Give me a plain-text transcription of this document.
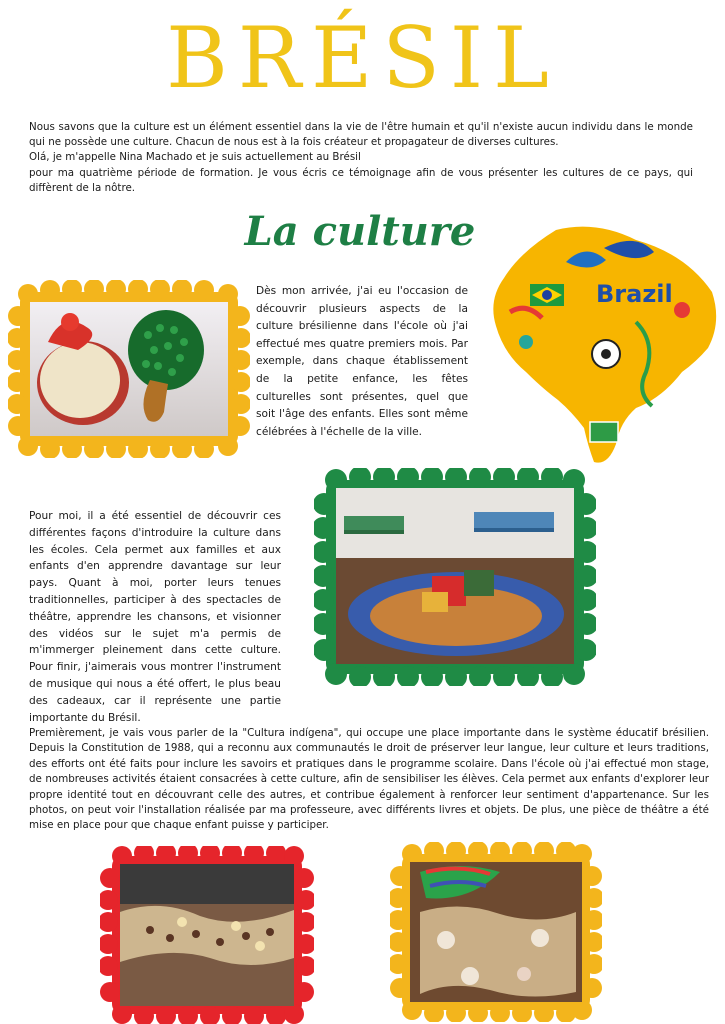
BRÉSIL

Nous savons que la culture est un élément essentiel dans la vie de l'être humain et qu'il n'existe aucun individu dans le monde qui ne possède une culture. Chacun de nous est à la fois créateur et propagateur de diverses cultures.

Olá, je m'appelle Nina Machado et je suis actuellement au Brésil

pour ma quatrième période de formation. Je vous écris ce témoignage afin de vous présenter les cultures de ce pays, qui diffèrent de la nôtre.

La culture
Brazil
Dès mon arrivée, j'ai eu l'occasion de découvrir plusieurs aspects de la culture brésilienne dans l'école où j'ai effectué mes quatre premiers mois. Par exemple, dans chaque établissement de la petite enfance, les fêtes culturelles sont présentes, quel que soit l'âge des enfants. Elles sont même célébrées à l'échelle de la ville.
Pour moi, il a été essentiel de découvrir ces différentes façons d'introduire la culture dans les écoles. Cela permet aux familles et aux enfants d'en apprendre davantage sur leur pays. Quant à moi, porter leurs tenues traditionnelles, participer à des spectacles de théâtre, apprendre les chansons, et visionner des vidéos sur le sujet m'a permis de m'immerger pleinement dans cette culture. Pour finir, j'aimerais vous montrer l'instrument de musique qui nous a été offert, le plus beau des cadeaux, car il représente une partie importante du Brésil.
Premièrement, je vais vous parler de la "Cultura indígena", qui occupe une place importante dans le système éducatif brésilien. Depuis la Constitution de 1988, qui a reconnu aux communautés le droit de préserver leur langue, leur culture et leurs traditions, des efforts ont été faits pour inclure les savoirs et pratiques dans le programme scolaire. Dans l'école où j'ai effectué mon stage, de nombreuses activités étaient consacrées à cette culture, afin de sensibiliser les élèves. Cela permet aux enfants d'explorer leur propre identité tout en découvrant celle des autres, et contribue également à renforcer leur sentiment d'appartenance. Sur les photos, on peut voir l'installation réalisée par ma professeure, avec différents livres et objets. De plus, une pièce de théâtre a été mise en place pour que chaque enfant puisse y participer.
